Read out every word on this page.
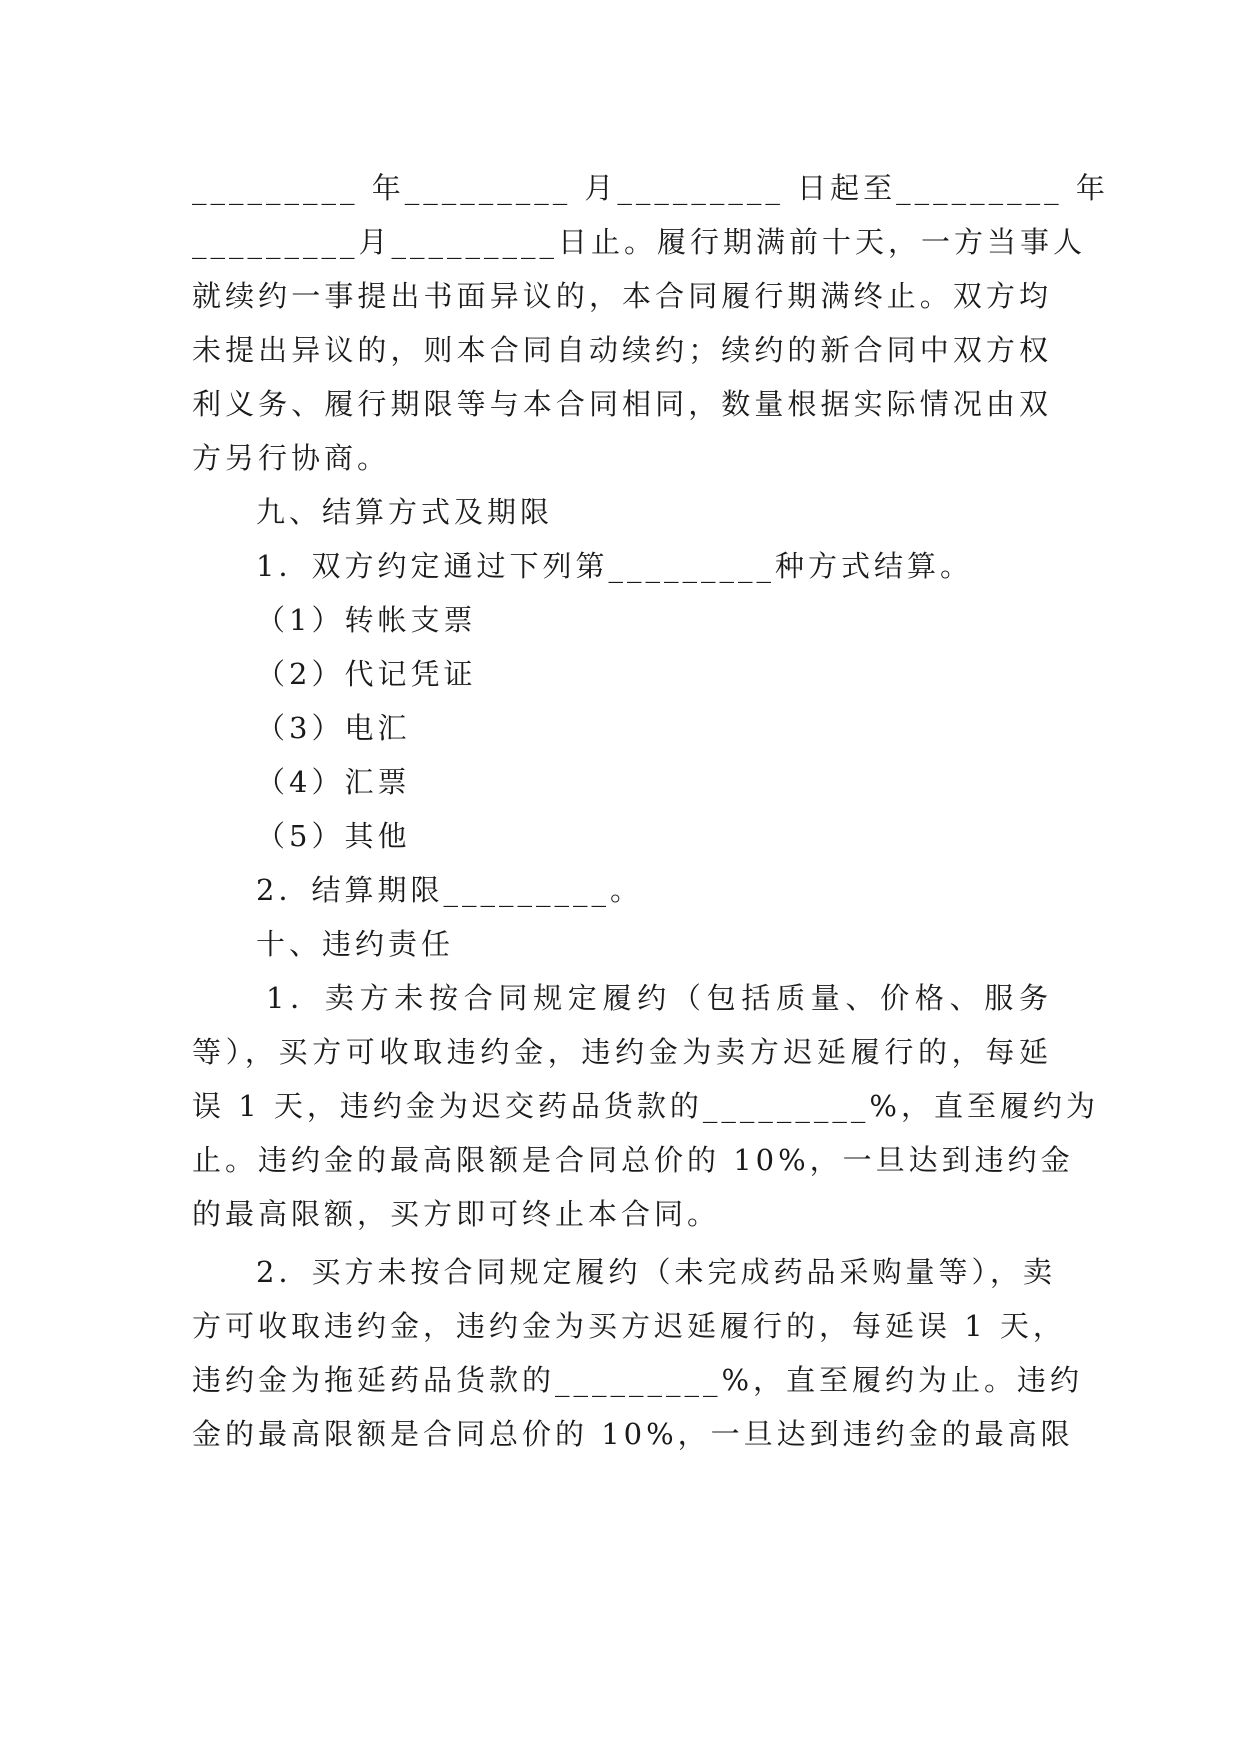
_________ 年_________ 月_________ 日起至_________ 年
_________月_________日止。履行期满前十天，一方当事人
就续约一事提出书面异议的，本合同履行期满终止。双方均
未提出异议的，则本合同自动续约；续约的新合同中双方权
利义务、履行期限等与本合同相同，数量根据实际情况由双
方另行协商。
九、结算方式及期限
1．双方约定通过下列第_________种方式结算。
（1）转帐支票
（2）代记凭证
（3）电汇
（4）汇票
（5）其他
2．结算期限_________。
十、违约责任
1．卖方未按合同规定履约（包括质量、价格、服务
等），买方可收取违约金，违约金为卖方迟延履行的，每延
误 1 天，违约金为迟交药品货款的_________%，直至履约为
止。违约金的最高限额是合同总价的 10%，一旦达到违约金
的最高限额，买方即可终止本合同。
2．买方未按合同规定履约（未完成药品采购量等），卖
方可收取违约金，违约金为买方迟延履行的，每延误 1 天，
违约金为拖延药品货款的_________%，直至履约为止。违约
金的最高限额是合同总价的 10%，一旦达到违约金的最高限
